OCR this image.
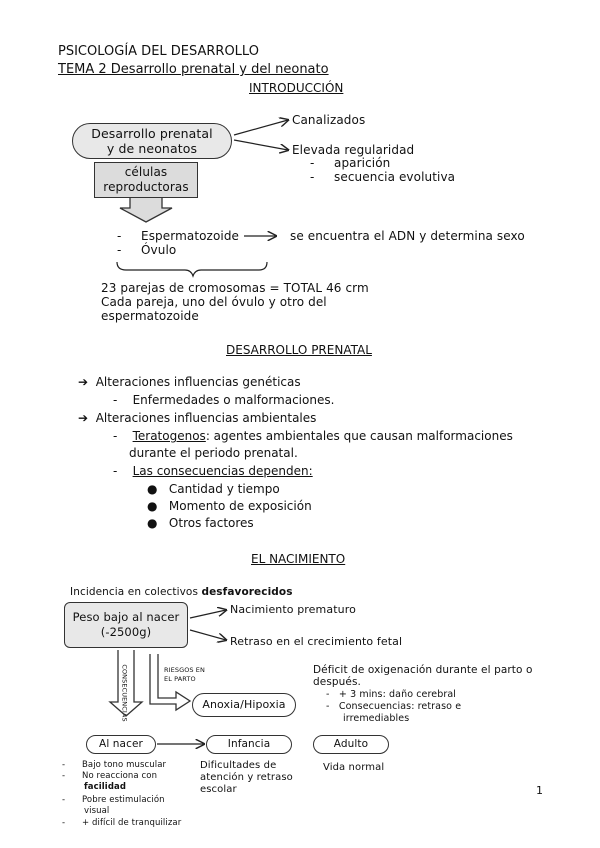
PSICOLOGÍA DEL DESARROLLO
TEMA 2 Desarrollo prenatal y del neonato
INTRODUCCIÓN
Desarrollo prenatal
y de neonatos
Canalizados
Elevada regularidad
-     aparición
-     secuencia evolutiva
células
reproductoras
-     Espermatozoide
-     Óvulo
se encuentra el ADN y determina sexo
23 parejas de cromosomas = TOTAL 46 crm
Cada pareja, uno del óvulo y otro del
espermatozoide
DESARROLLO PRENATAL
➔  Alteraciones influencias genéticas
-    Enfermedades o malformaciones.
➔  Alteraciones influencias ambientales
-    Teratogenos: agentes ambientales que causan malformaciones
durante el periodo prenatal.
-    Las consecuencias dependen:
●   Cantidad y tiempo
●   Momento de exposición
●   Otros factores
EL NACIMIENTO
Incidencia en colectivos desfavorecidos
Peso bajo al nacer
(-2500g)
Nacimiento prematuro
Retraso en el crecimiento fetal
CONSECUENCIAS	RIESGOS EN
EL PARTO
Anoxia/Hipoxia
Déficit de oxigenación durante el parto o
después.
-   + 3 mins: daño cerebral
-   Consecuencias: retraso e
irremediables
Al nacer	Infancia	Adulto
-      Bajo tono muscular
-      No reacciona con
facilidad
-      Pobre estimulación
visual
-      + difícil de tranquilizar
Dificultades de
atención y retraso
escolar
Vida normal
1
